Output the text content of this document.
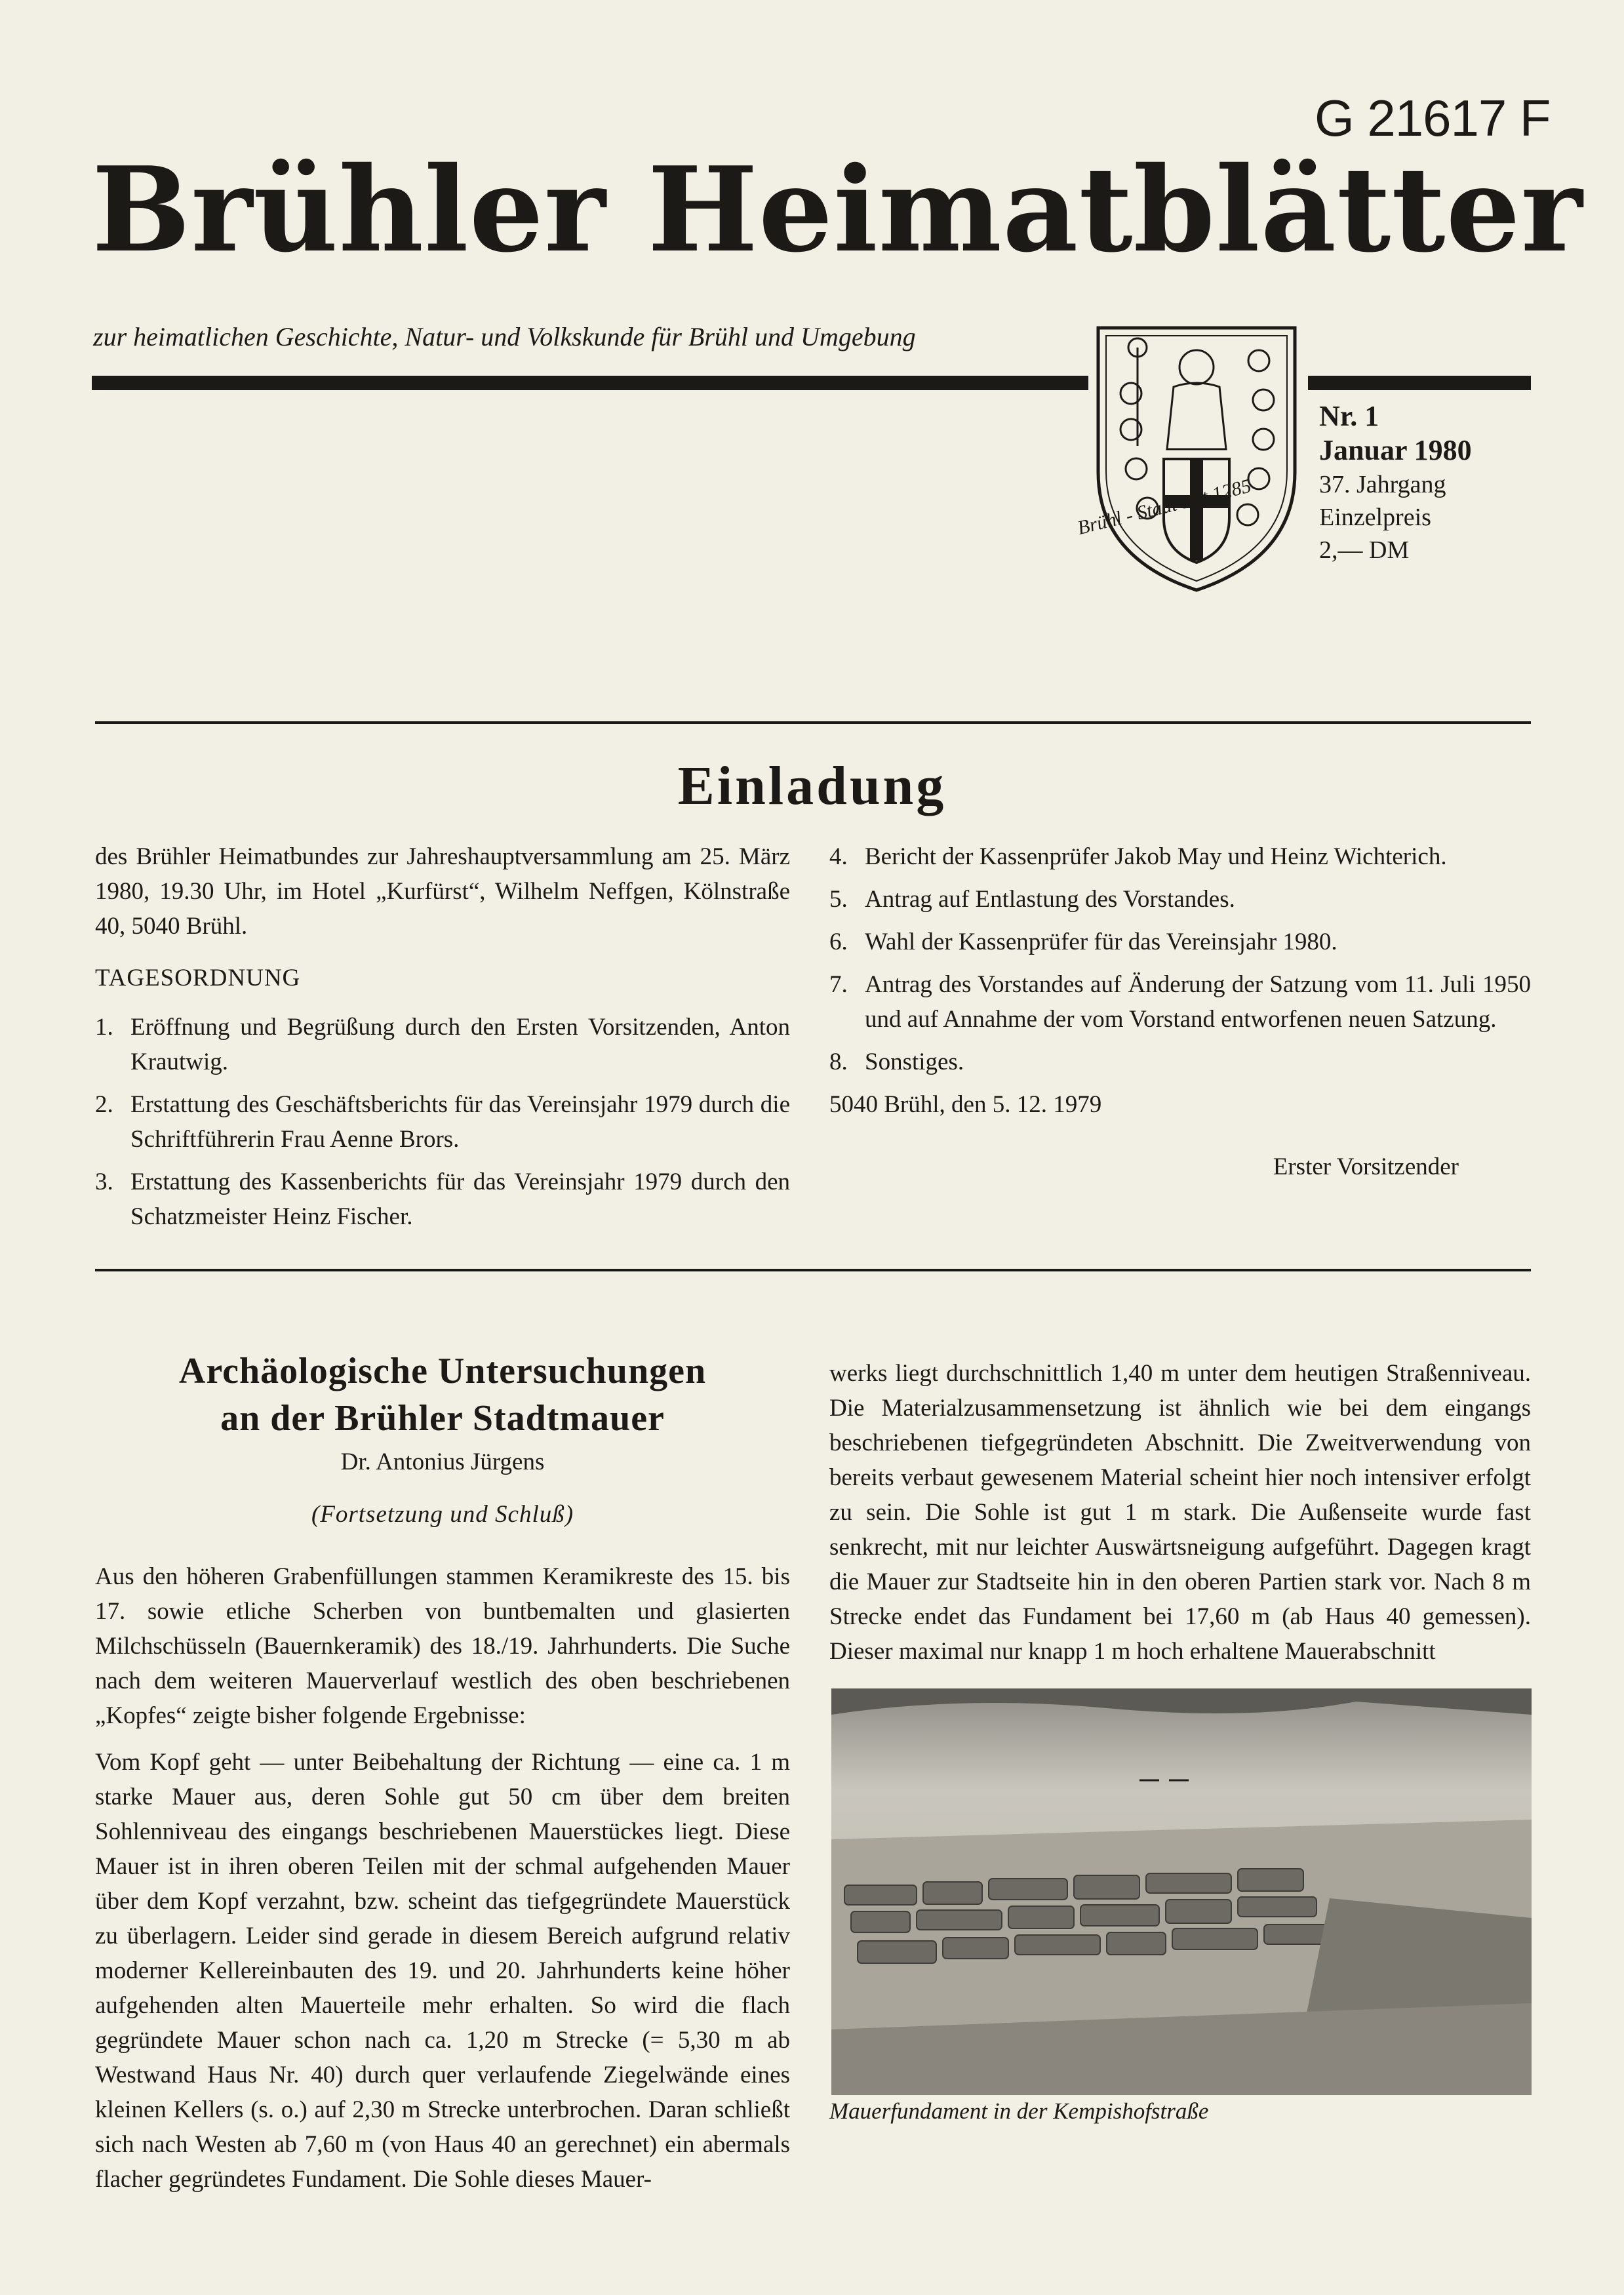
G 21617 F
Brühler Heimatblätter
zur heimatlichen Geschichte, Natur- und Volkskunde für Brühl und Umgebung
Brühl - Stadt seit 1285
Nr. 1
Januar 1980
37. Jahrgang
Einzelpreis
2,— DM
Einladung
des Brühler Heimatbundes zur Jahreshauptversammlung am 25. März 1980, 19.30 Uhr, im Hotel „Kurfürst“, Wilhelm Neffgen, Kölnstraße 40, 5040 Brühl.
TAGESORDNUNG
1. Eröffnung und Begrüßung durch den Ersten Vorsitzenden, Anton Krautwig.
2. Erstattung des Geschäftsberichts für das Vereinsjahr 1979 durch die Schriftführerin Frau Aenne Brors.
3. Erstattung des Kassenberichts für das Vereinsjahr 1979 durch den Schatzmeister Heinz Fischer.
4. Bericht der Kassenprüfer Jakob May und Heinz Wichterich.
5. Antrag auf Entlastung des Vorstandes.
6. Wahl der Kassenprüfer für das Vereinsjahr 1980.
7. Antrag des Vorstandes auf Änderung der Satzung vom 11. Juli 1950 und auf Annahme der vom Vorstand entworfenen neuen Satzung.
8. Sonstiges.
5040 Brühl, den 5. 12. 1979
Erster Vorsitzender
Archäologische Untersuchungen
an der Brühler Stadtmauer
Dr. Antonius Jürgens
(Fortsetzung und Schluß)

Aus den höheren Grabenfüllungen stammen Keramikreste des 15. bis 17. sowie etliche Scherben von buntbemalten und glasierten Milchschüsseln (Bauernkeramik) des 18./19. Jahrhunderts. Die Suche nach dem weiteren Mauerverlauf westlich des oben beschriebenen „Kopfes“ zeigte bisher folgende Ergebnisse:

Vom Kopf geht — unter Beibehaltung der Richtung — eine ca. 1 m starke Mauer aus, deren Sohle gut 50 cm über dem breiten Sohlenniveau des eingangs beschriebenen Mauerstückes liegt. Diese Mauer ist in ihren oberen Teilen mit der schmal aufgehenden Mauer über dem Kopf verzahnt, bzw. scheint das tiefgegründete Mauerstück zu überlagern. Leider sind gerade in diesem Bereich aufgrund relativ moderner Kellereinbauten des 19. und 20. Jahrhunderts keine höher aufgehenden alten Mauerteile mehr erhalten. So wird die flach gegründete Mauer schon nach ca. 1,20 m Strecke (= 5,30 m ab Westwand Haus Nr. 40) durch quer verlaufende Ziegelwände eines kleinen Kellers (s. o.) auf 2,30 m Strecke unterbrochen. Daran schließt sich nach Westen ab 7,60 m (von Haus 40 an gerechnet) ein abermals flacher gegründetes Fundament. Die Sohle dieses Mauer-

werks liegt durchschnittlich 1,40 m unter dem heutigen Straßenniveau. Die Materialzusammensetzung ist ähnlich wie bei dem eingangs beschriebenen tiefgegründeten Abschnitt. Die Zweitverwendung von bereits verbaut gewesenem Material scheint hier noch intensiver erfolgt zu sein. Die Sohle ist gut 1 m stark. Die Außenseite wurde fast senkrecht, mit nur leichter Auswärtsneigung aufgeführt. Dagegen kragt die Mauer zur Stadtseite hin in den oberen Partien stark vor. Nach 8 m Strecke endet das Fundament bei 17,60 m (ab Haus 40 gemessen). Dieser maximal nur knapp 1 m hoch erhaltene Mauerabschnitt

Mauerfundament in der Kempishofstraße
